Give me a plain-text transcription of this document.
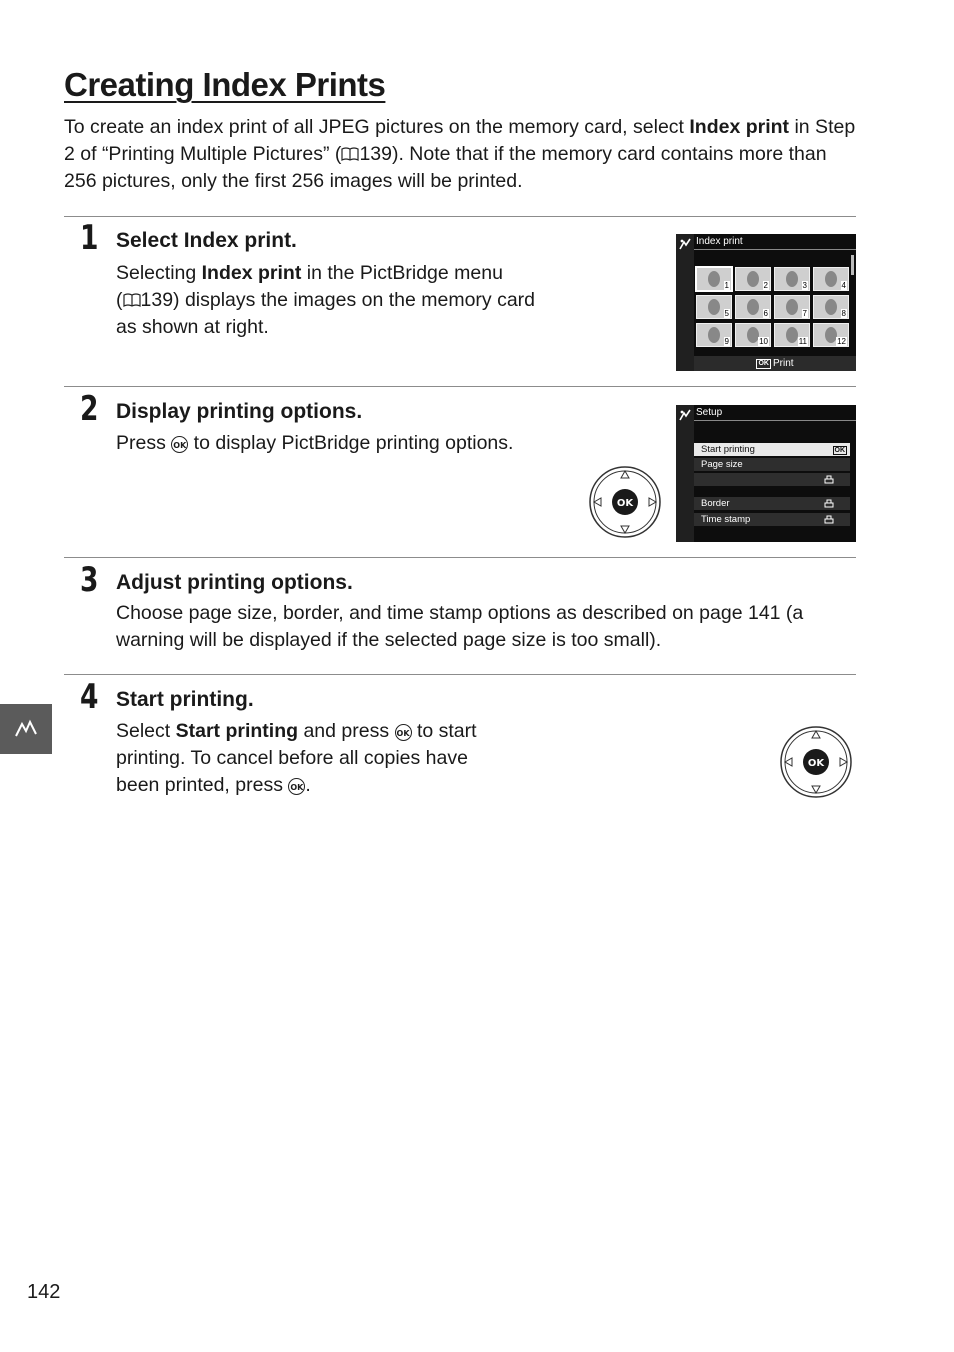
Creating Index Prints

To create an index print of all JPEG pictures on the memory card, select Index print in Step 2 of “Printing Multiple Pictures” ( 139). Note that if the memory card contains more than 256 pictures, only the first 256 images will be printed.

1 Select Index print.

Selecting Index print in the PictBridge menu
( 139) displays the images on the memory card
as shown at right.

Index print
1	2	3	4
5	6	7	8
9	10	11	12
OK Print
2 Display printing options.

Press OK to display PictBridge printing options.

OK
Setup
Start printing	OK
Page size
Border
Time stamp
3 Adjust printing options.

Choose page size, border, and time stamp options as described on page 141 (a
warning will be displayed if the selected page size is too small).

4 Start printing.

Select Start printing and press OK to start
printing. To cancel before all copies have
been printed, press OK .

OK
142
